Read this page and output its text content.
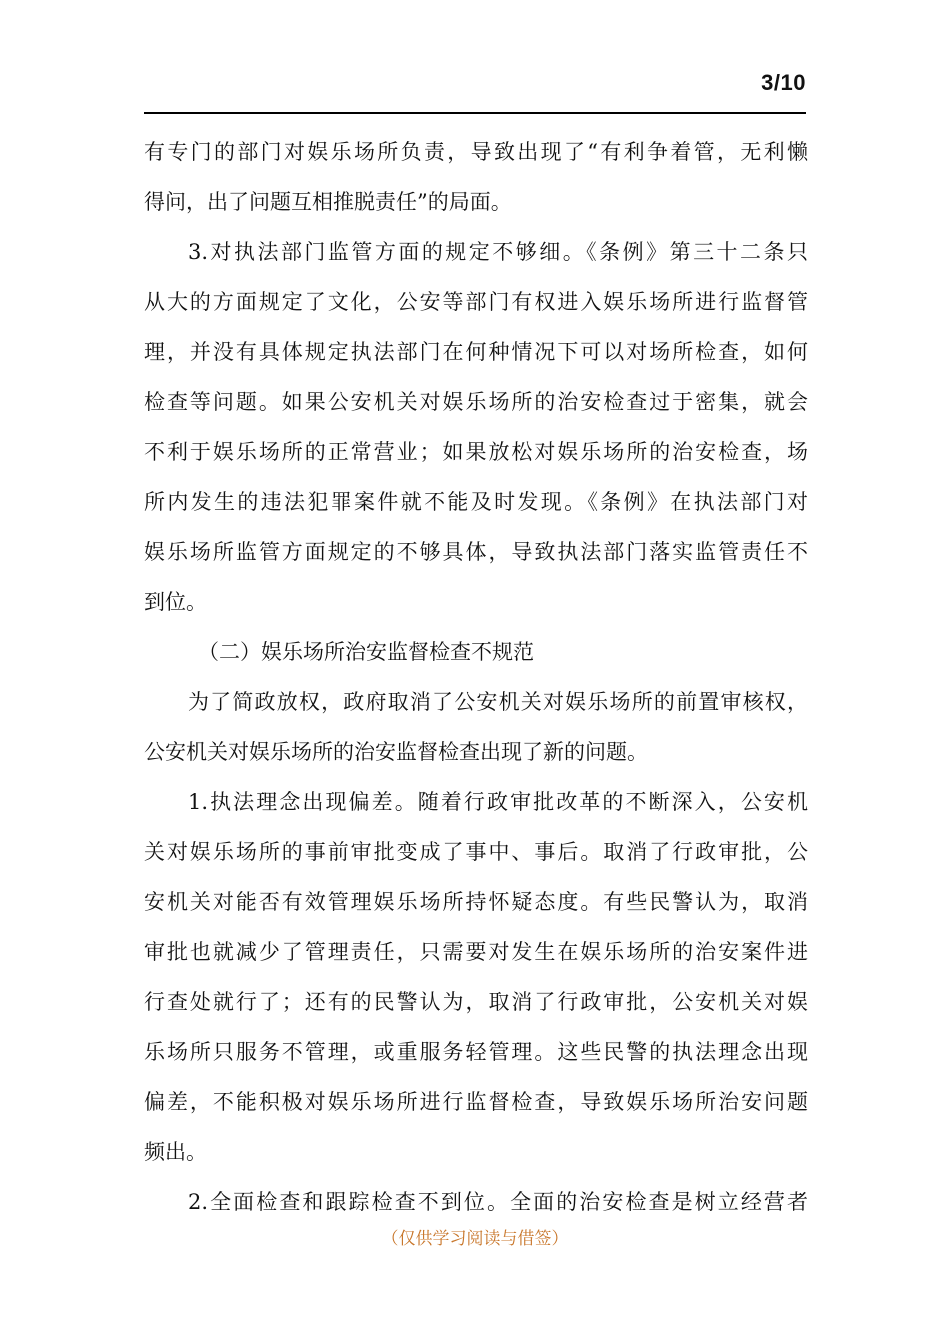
3/10
有专门的部门对娱乐场所负责，导致出现了“有利争着管，无利懒
得问，出了问题互相推脱责任”的局面。
3.对执法部门监管方面的规定不够细。《条例》第三十二条只
从大的方面规定了文化，公安等部门有权进入娱乐场所进行监督管
理，并没有具体规定执法部门在何种情况下可以对场所检查，如何
检查等问题。如果公安机关对娱乐场所的治安检查过于密集，就会
不利于娱乐场所的正常营业；如果放松对娱乐场所的治安检查，场
所内发生的违法犯罪案件就不能及时发现。《条例》在执法部门对
娱乐场所监管方面规定的不够具体，导致执法部门落实监管责任不
到位。
（二）娱乐场所治安监督检查不规范
为了简政放权，政府取消了公安机关对娱乐场所的前置审核权，
公安机关对娱乐场所的治安监督检查出现了新的问题。
1.执法理念出现偏差。随着行政审批改革的不断深入，公安机
关对娱乐场所的事前审批变成了事中、事后。取消了行政审批，公
安机关对能否有效管理娱乐场所持怀疑态度。有些民警认为，取消
审批也就减少了管理责任，只需要对发生在娱乐场所的治安案件进
行查处就行了；还有的民警认为，取消了行政审批，公安机关对娱
乐场所只服务不管理，或重服务轻管理。这些民警的执法理念出现
偏差，不能积极对娱乐场所进行监督检查，导致娱乐场所治安问题
频出。
2.全面检查和跟踪检查不到位。全面的治安检查是树立经营者
（仅供学习阅读与借签）
